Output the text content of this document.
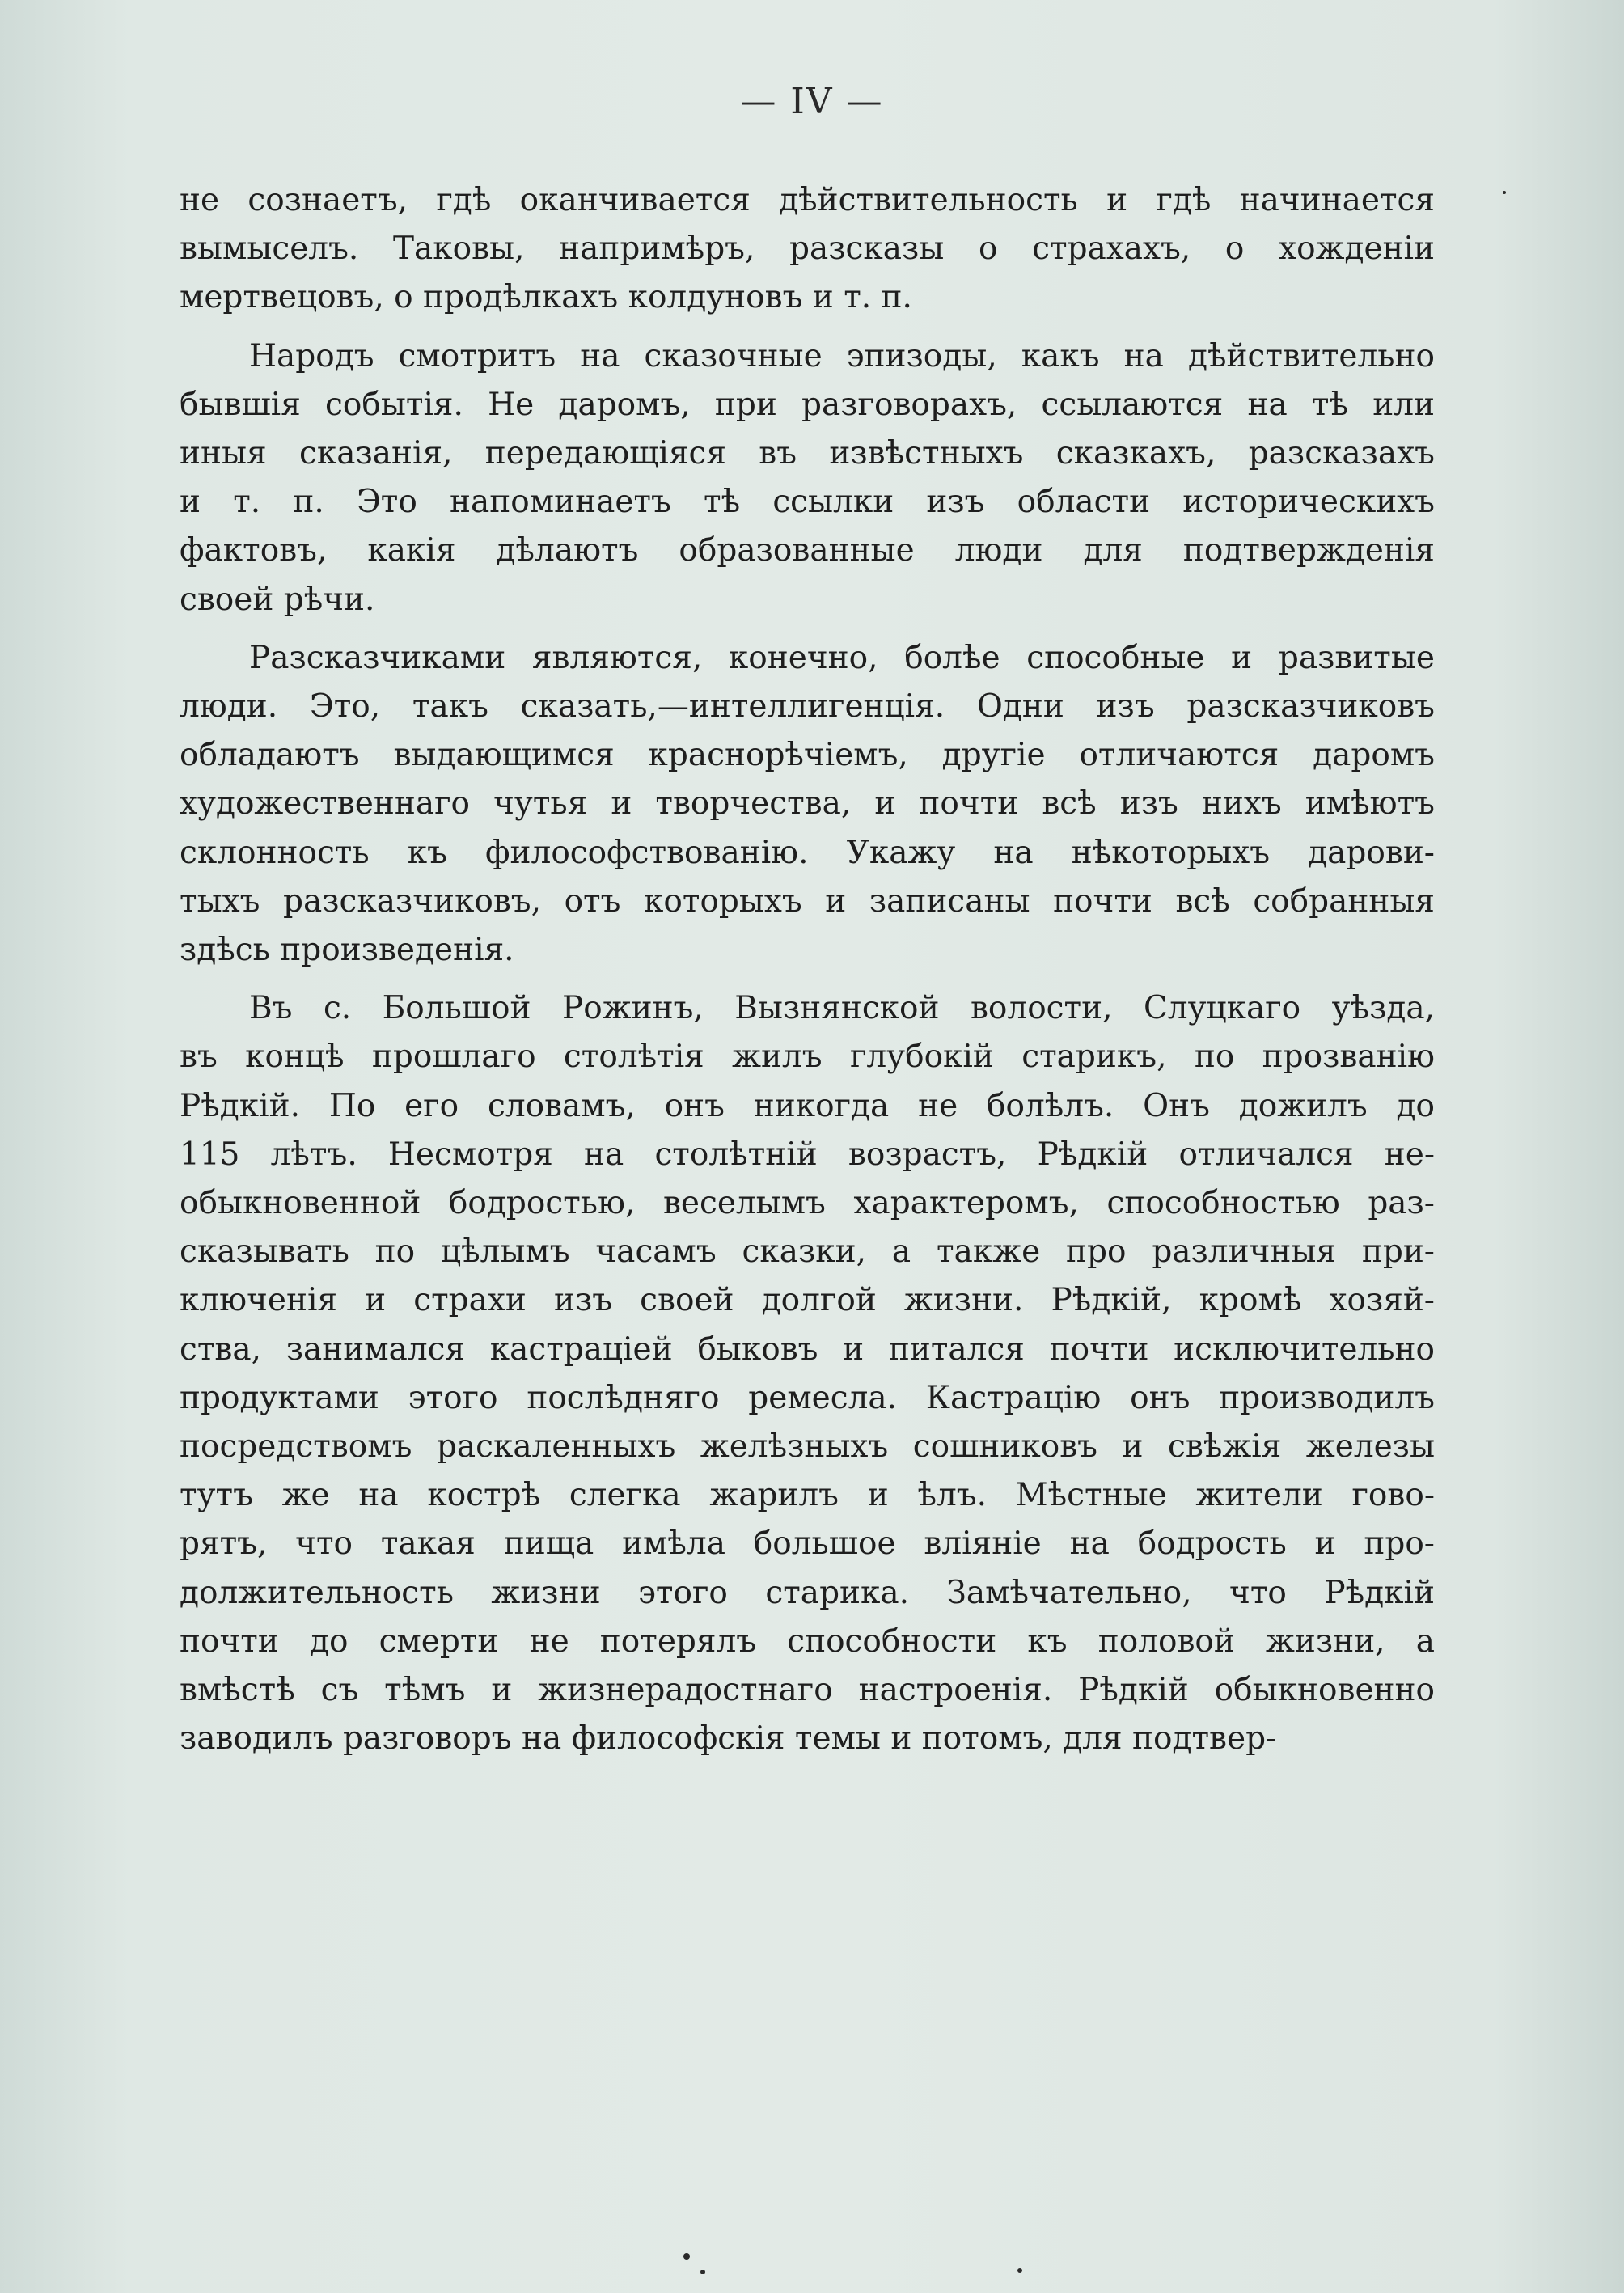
— IV —
не сознаетъ, гдѣ оканчивается дѣйствительность и гдѣ начинается
вымыселъ. Таковы, напримѣръ, разсказы о страхахъ, о хожденіи
мертвецовъ, о продѣлкахъ колдуновъ и т. п.
Народъ смотритъ на сказочные эпизоды, какъ на дѣйствительно
бывшія событія. Не даромъ, при разговорахъ, ссылаются на тѣ или
иныя сказанія, передающіяся въ извѣстныхъ сказкахъ, разсказахъ
и т. п. Это напоминаетъ тѣ ссылки изъ области историческихъ
фактовъ, какія дѣлаютъ образованные люди для подтвержденія
своей рѣчи.
Разсказчиками являются, конечно, болѣе способные и развитые
люди. Это, такъ сказать,—интеллигенція. Одни изъ разсказчиковъ
обладаютъ выдающимся краснорѣчіемъ, другіе отличаются даромъ
художественнаго чутья и творчества, и почти всѣ изъ нихъ имѣютъ
склонность къ философствованію. Укажу на нѣкоторыхъ дарови-
тыхъ разсказчиковъ, отъ которыхъ и записаны почти всѣ собранныя
здѣсь произведенія.
Въ с. Большой Рожинъ, Вызнянской волости, Слуцкаго уѣзда,
въ концѣ прошлаго столѣтія жилъ глубокій старикъ, по прозванію
Рѣдкій. По его словамъ, онъ никогда не болѣлъ. Онъ дожилъ до
115 лѣтъ. Несмотря на столѣтній возрастъ, Рѣдкій отличался не-
обыкновенной бодростью, веселымъ характеромъ, способностью раз-
сказывать по цѣлымъ часамъ сказки, а также про различныя при-
ключенія и страхи изъ своей долгой жизни. Рѣдкій, кромѣ хозяй-
ства, занимался кастраціей быковъ и питался почти исключительно
продуктами этого послѣдняго ремесла. Кастрацію онъ производилъ
посредствомъ раскаленныхъ желѣзныхъ сошниковъ и свѣжія железы
тутъ же на кострѣ слегка жарилъ и ѣлъ. Мѣстные жители гово-
рятъ, что такая пища имѣла большое вліяніе на бодрость и про-
должительность жизни этого старика. Замѣчательно, что Рѣдкій
почти до смерти не потерялъ способности къ половой жизни, а
вмѣстѣ съ тѣмъ и жизнерадостнаго настроенія. Рѣдкій обыкновенно
заводилъ разговоръ на философскія темы и потомъ, для подтвер-
